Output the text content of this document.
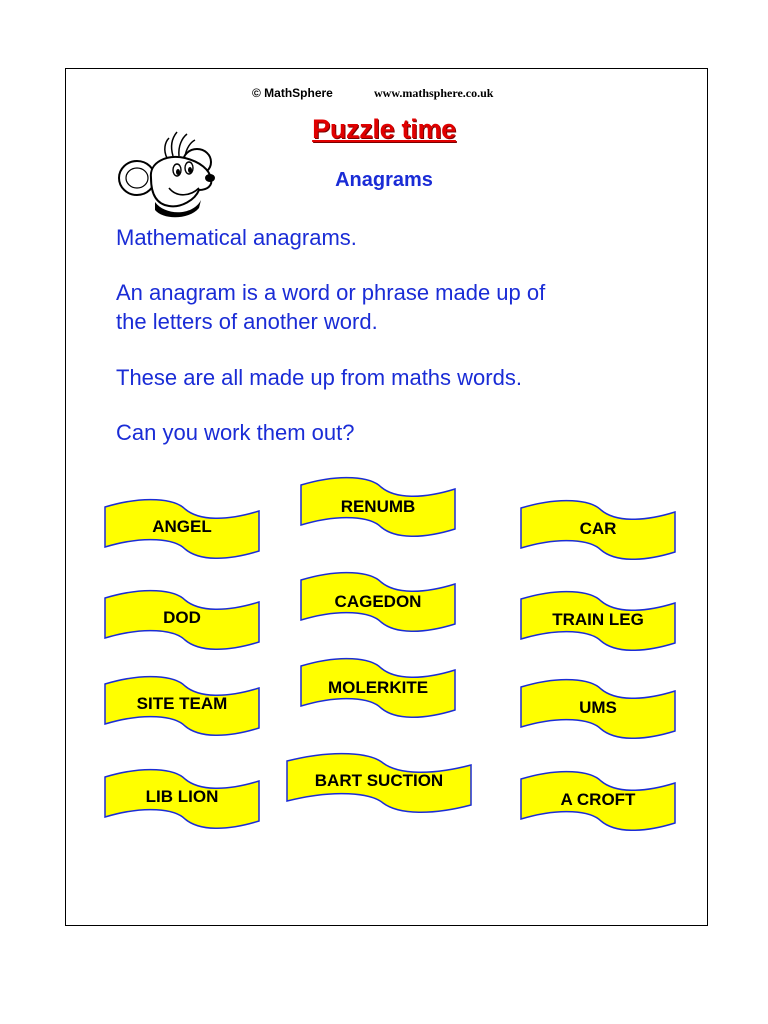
© MathSphere	www.mathsphere.co.uk
Puzzle time
Anagrams
Mathematical anagrams.
An anagram is a word or phrase made up of
the letters of another word.
These are all made up from maths words.
Can you work them out?
ANGEL
DOD
SITE TEAM
LIB LION
RENUMB
CAGEDON
MOLERKITE
BART SUCTION
CAR
TRAIN LEG
UMS
A CROFT
